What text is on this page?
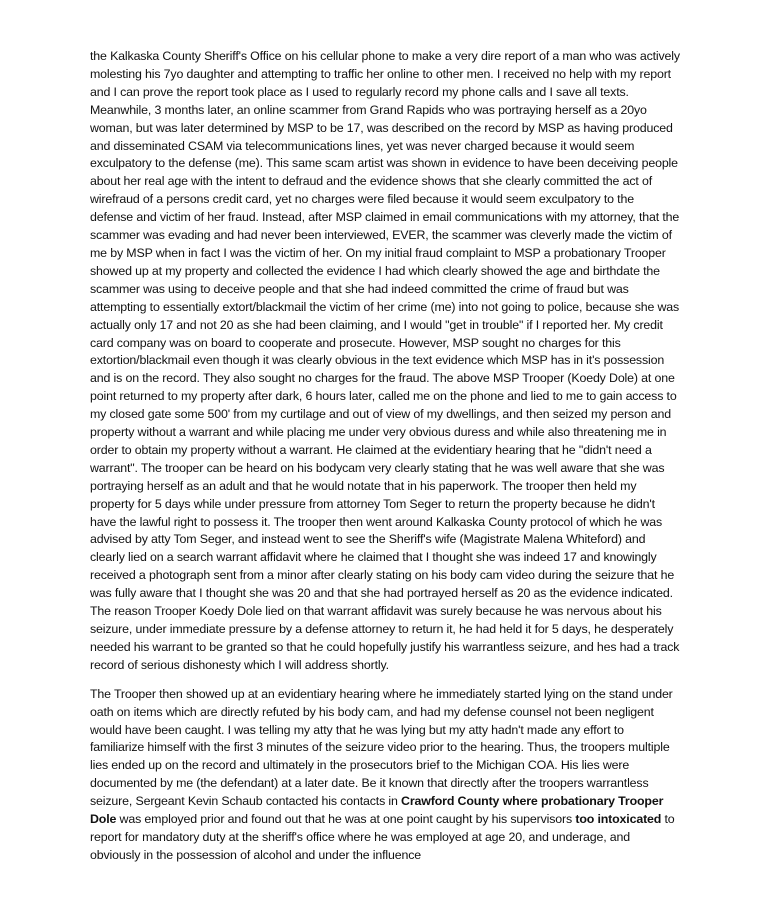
the Kalkaska County Sheriff's Office on his cellular phone to make a very dire report of a man who was actively molesting his 7yo daughter and attempting to traffic her online to other men. I received no help with my report and I can prove the report took place as I used to regularly record my phone calls and I save all texts. Meanwhile, 3 months later, an online scammer from Grand Rapids who was portraying herself as a 20yo woman, but was later determined by MSP to be 17, was described on the record by MSP as having produced and disseminated CSAM via telecommunications lines, yet was never charged because it would seem exculpatory to the defense (me). This same scam artist was shown in evidence to have been deceiving people about her real age with the intent to defraud and the evidence shows that she clearly committed the act of wirefraud of a persons credit card, yet no charges were filed because it would seem exculpatory to the defense and victim of her fraud. Instead, after MSP claimed in email communications with my attorney, that the scammer was evading and had never been interviewed, EVER, the scammer was cleverly made the victim of me by MSP when in fact I was the victim of her. On my initial fraud complaint to MSP a probationary Trooper showed up at my property and collected the evidence I had which clearly showed the age and birthdate the scammer was using to deceive people and that she had indeed committed the crime of fraud but was attempting to essentially extort/blackmail the victim of her crime (me) into not going to police, because she was actually only 17 and not 20 as she had been claiming, and I would "get in trouble" if I reported her. My credit card company was on board to cooperate and prosecute. However, MSP sought no charges for this extortion/blackmail even though it was clearly obvious in the text evidence which MSP has in it's possession and is on the record. They also sought no charges for the fraud. The above MSP Trooper (Koedy Dole) at one point returned to my property after dark, 6 hours later, called me on the phone and lied to me to gain access to my closed gate some 500' from my curtilage and out of view of my dwellings, and then seized my person and property without a warrant and while placing me under very obvious duress and while also threatening me in order to obtain my property without a warrant. He claimed at the evidentiary hearing that he "didn't need a warrant". The trooper can be heard on his bodycam very clearly stating that he was well aware that she was portraying herself as an adult and that he would notate that in his paperwork. The trooper then held my property for 5 days while under pressure from attorney Tom Seger to return the property because he didn't have the lawful right to possess it. The trooper then went around Kalkaska County protocol of which he was advised by atty Tom Seger, and instead went to see the Sheriff's wife (Magistrate Malena Whiteford) and clearly lied on a search warrant affidavit where he claimed that I thought she was indeed 17 and knowingly received a photograph sent from a minor after clearly stating on his body cam video during the seizure that he was fully aware that I thought she was 20 and that she had portrayed herself as 20 as the evidence indicated. The reason Trooper Koedy Dole lied on that warrant affidavit was surely because he was nervous about his seizure, under immediate pressure by a defense attorney to return it, he had held it for 5 days, he desperately needed his warrant to be granted so that he could hopefully justify his warrantless seizure, and hes had a track record of serious dishonesty which I will address shortly.

The Trooper then showed up at an evidentiary hearing where he immediately started lying on the stand under oath on items which are directly refuted by his body cam, and had my defense counsel not been negligent would have been caught. I was telling my atty that he was lying but my atty hadn't made any effort to familiarize himself with the first 3 minutes of the seizure video prior to the hearing. Thus, the troopers multiple lies ended up on the record and ultimately in the prosecutors brief to the Michigan COA. His lies were documented by me (the defendant) at a later date. Be it known that directly after the troopers warrantless seizure, Sergeant Kevin Schaub contacted his contacts in Crawford County where probationary Trooper Dole was employed prior and found out that he was at one point caught by his supervisors too intoxicated to report for mandatory duty at the sheriff's office where he was employed at age 20, and underage, and obviously in the possession of alcohol and under the influence
